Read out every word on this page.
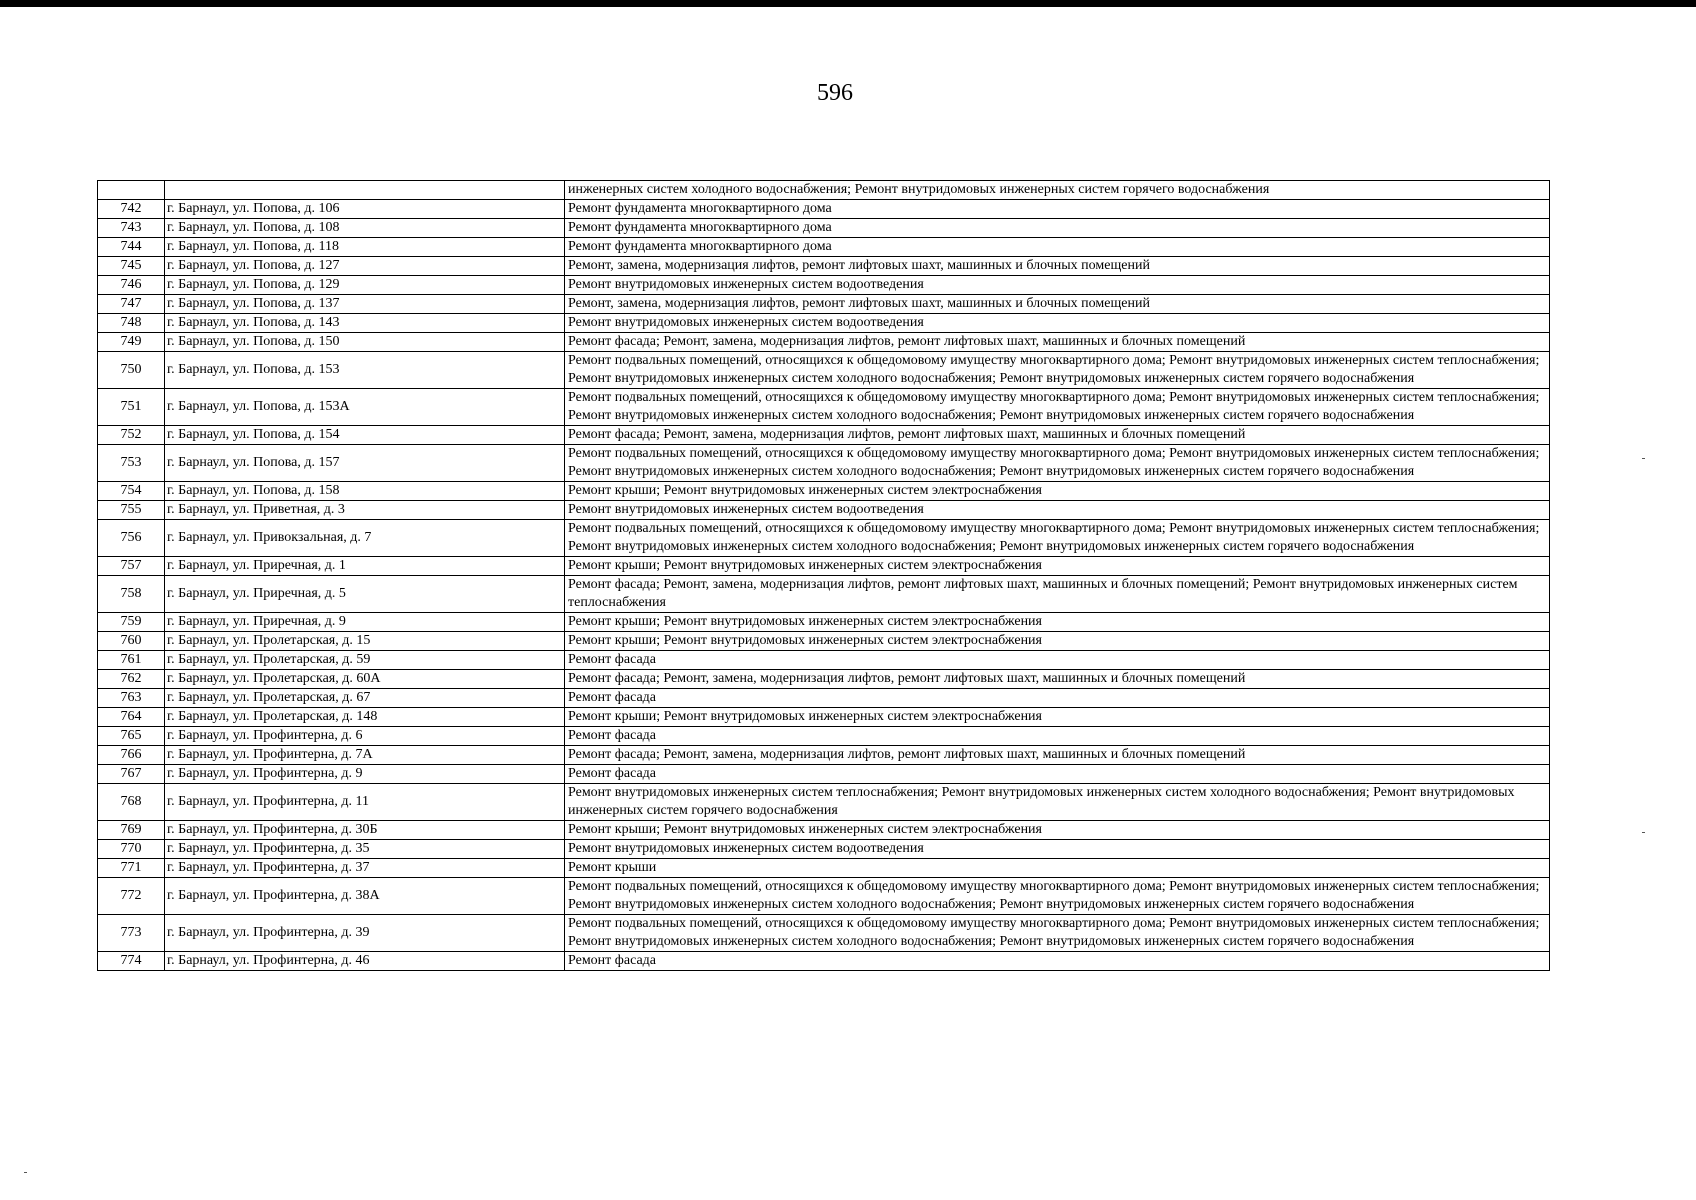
596
		инженерных систем холодного водоснабжения; Ремонт внутридомовых инженерных систем горячего водоснабжения
742	г. Барнаул, ул. Попова, д. 106	Ремонт фундамента многоквартирного дома
743	г. Барнаул, ул. Попова, д. 108	Ремонт фундамента многоквартирного дома
744	г. Барнаул, ул. Попова, д. 118	Ремонт фундамента многоквартирного дома
745	г. Барнаул, ул. Попова, д. 127	Ремонт, замена, модернизация лифтов, ремонт лифтовых шахт, машинных и блочных помещений
746	г. Барнаул, ул. Попова, д. 129	Ремонт внутридомовых инженерных систем водоотведения
747	г. Барнаул, ул. Попова, д. 137	Ремонт, замена, модернизация лифтов, ремонт лифтовых шахт, машинных и блочных помещений
748	г. Барнаул, ул. Попова, д. 143	Ремонт внутридомовых инженерных систем водоотведения
749	г. Барнаул, ул. Попова, д. 150	Ремонт фасада; Ремонт, замена, модернизация лифтов, ремонт лифтовых шахт, машинных и блочных помещений
750	г. Барнаул, ул. Попова, д. 153	Ремонт подвальных помещений, относящихся к общедомовому имуществу многоквартирного дома; Ремонт внутридомовых инженерных систем теплоснабжения; Ремонт внутридомовых инженерных систем холодного водоснабжения; Ремонт внутридомовых инженерных систем горячего водоснабжения
751	г. Барнаул, ул. Попова, д. 153А	Ремонт подвальных помещений, относящихся к общедомовому имуществу многоквартирного дома; Ремонт внутридомовых инженерных систем теплоснабжения; Ремонт внутридомовых инженерных систем холодного водоснабжения; Ремонт внутридомовых инженерных систем горячего водоснабжения
752	г. Барнаул, ул. Попова, д. 154	Ремонт фасада; Ремонт, замена, модернизация лифтов, ремонт лифтовых шахт, машинных и блочных помещений
753	г. Барнаул, ул. Попова, д. 157	Ремонт подвальных помещений, относящихся к общедомовому имуществу многоквартирного дома; Ремонт внутридомовых инженерных систем теплоснабжения; Ремонт внутридомовых инженерных систем холодного водоснабжения; Ремонт внутридомовых инженерных систем горячего водоснабжения
754	г. Барнаул, ул. Попова, д. 158	Ремонт крыши; Ремонт внутридомовых инженерных систем электроснабжения
755	г. Барнаул, ул. Приветная, д. 3	Ремонт внутридомовых инженерных систем водоотведения
756	г. Барнаул, ул. Привокзальная, д. 7	Ремонт подвальных помещений, относящихся к общедомовому имуществу многоквартирного дома; Ремонт внутридомовых инженерных систем теплоснабжения; Ремонт внутридомовых инженерных систем холодного водоснабжения; Ремонт внутридомовых инженерных систем горячего водоснабжения
757	г. Барнаул, ул. Приречная, д. 1	Ремонт крыши; Ремонт внутридомовых инженерных систем электроснабжения
758	г. Барнаул, ул. Приречная, д. 5	Ремонт фасада; Ремонт, замена, модернизация лифтов, ремонт лифтовых шахт, машинных и блочных помещений; Ремонт внутридомовых инженерных систем теплоснабжения
759	г. Барнаул, ул. Приречная, д. 9	Ремонт крыши; Ремонт внутридомовых инженерных систем электроснабжения
760	г. Барнаул, ул. Пролетарская, д. 15	Ремонт крыши; Ремонт внутридомовых инженерных систем электроснабжения
761	г. Барнаул, ул. Пролетарская, д. 59	Ремонт фасада
762	г. Барнаул, ул. Пролетарская, д. 60А	Ремонт фасада; Ремонт, замена, модернизация лифтов, ремонт лифтовых шахт, машинных и блочных помещений
763	г. Барнаул, ул. Пролетарская, д. 67	Ремонт фасада
764	г. Барнаул, ул. Пролетарская, д. 148	Ремонт крыши; Ремонт внутридомовых инженерных систем электроснабжения
765	г. Барнаул, ул. Профинтерна, д. 6	Ремонт фасада
766	г. Барнаул, ул. Профинтерна, д. 7А	Ремонт фасада; Ремонт, замена, модернизация лифтов, ремонт лифтовых шахт, машинных и блочных помещений
767	г. Барнаул, ул. Профинтерна, д. 9	Ремонт фасада
768	г. Барнаул, ул. Профинтерна, д. 11	Ремонт внутридомовых инженерных систем теплоснабжения; Ремонт внутридомовых инженерных систем холодного водоснабжения; Ремонт внутридомовых инженерных систем горячего водоснабжения
769	г. Барнаул, ул. Профинтерна, д. 30Б	Ремонт крыши; Ремонт внутридомовых инженерных систем электроснабжения
770	г. Барнаул, ул. Профинтерна, д. 35	Ремонт внутридомовых инженерных систем водоотведения
771	г. Барнаул, ул. Профинтерна, д. 37	Ремонт крыши
772	г. Барнаул, ул. Профинтерна, д. 38А	Ремонт подвальных помещений, относящихся к общедомовому имуществу многоквартирного дома; Ремонт внутридомовых инженерных систем теплоснабжения; Ремонт внутридомовых инженерных систем холодного водоснабжения; Ремонт внутридомовых инженерных систем горячего водоснабжения
773	г. Барнаул, ул. Профинтерна, д. 39	Ремонт подвальных помещений, относящихся к общедомовому имуществу многоквартирного дома; Ремонт внутридомовых инженерных систем теплоснабжения; Ремонт внутридомовых инженерных систем холодного водоснабжения; Ремонт внутридомовых инженерных систем горячего водоснабжения
774	г. Барнаул, ул. Профинтерна, д. 46	Ремонт фасада
